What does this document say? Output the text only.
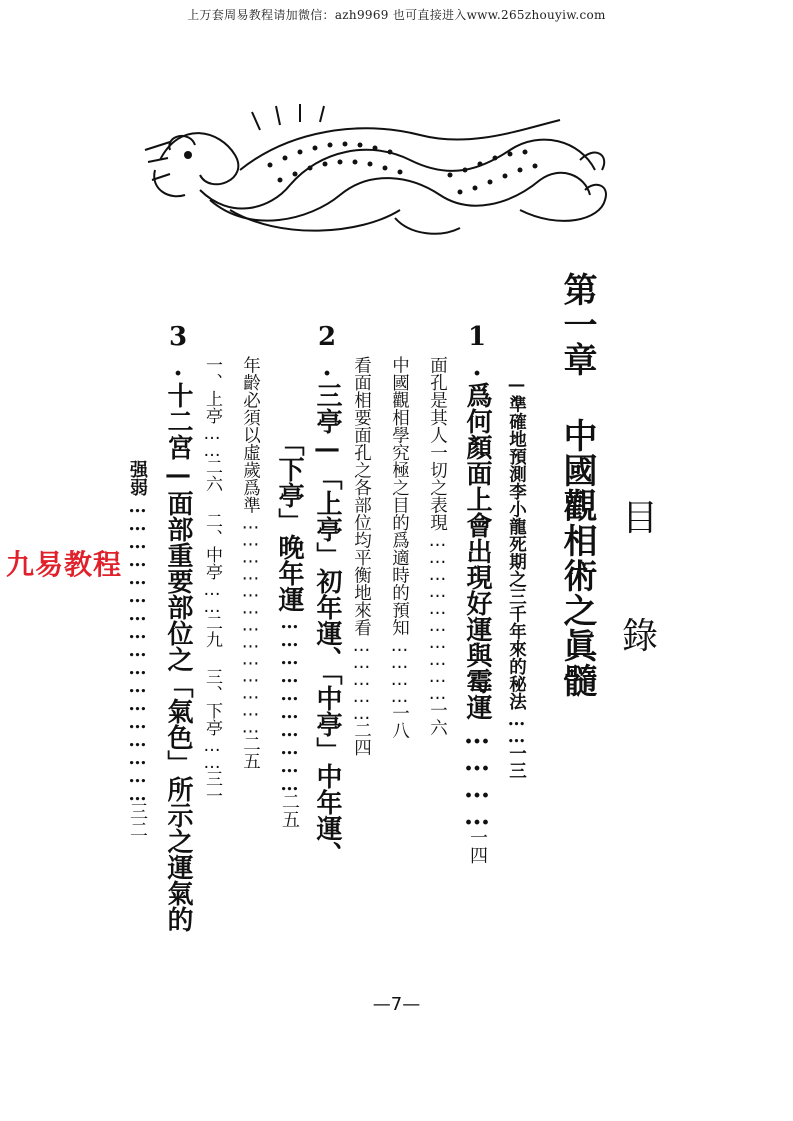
上万套周易教程请加微信：azh9969 也可直接进入www.265zhouyiw.com
目
錄
第一章 中國觀相術之眞髓
—準確地預測李小龍死期之三千年來的秘法……一三
1.爲何顏面上會出現好運與霉運…………一四
面孔是其人一切之表現…………………………一六
中國觀相學究極之目的爲適時的預知…………一八
看面相要面孔之各部位均平衡地來看……………二四
2.三亭—「上亭」初年運、「中亭」中年運、
「下亭」晚年運…………………………二五
年齡必須以虛歲爲準…………………………………二五
一、上亭……二六 二、中亭……二九 三、下亭……三一
3.十二宮—面部重要部位之「氣色」所示之運氣的
强弱……………………………………………三二
九易教程
—7—
